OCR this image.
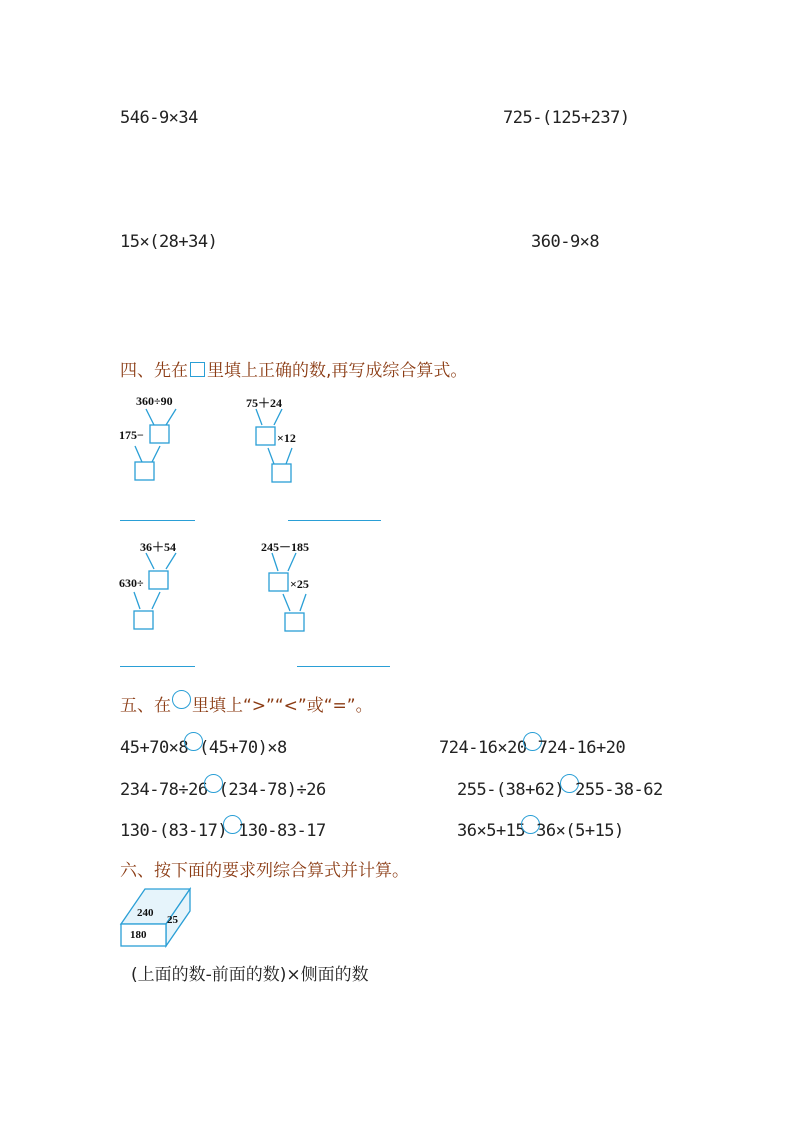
546-9×34	725-(125+237)
15×(28+34)	360-9×8
四、先在 里填上正确的数,再写成综合算式。
360÷90
175−
75＋24
×12
36＋54
630÷
245－185
×25
五、在 里填上“>”“<”或“=”。
45+70×8 (45+70)×8	724-16×20 724-16+20
234-78÷26 (234-78)÷26	255-(38+62) 255-38-62
130-(83-17) 130-83-17	36×5+15 36×(5+15)
六、按下面的要求列综合算式并计算。
240
25
180
(上面的数-前面的数)×侧面的数
